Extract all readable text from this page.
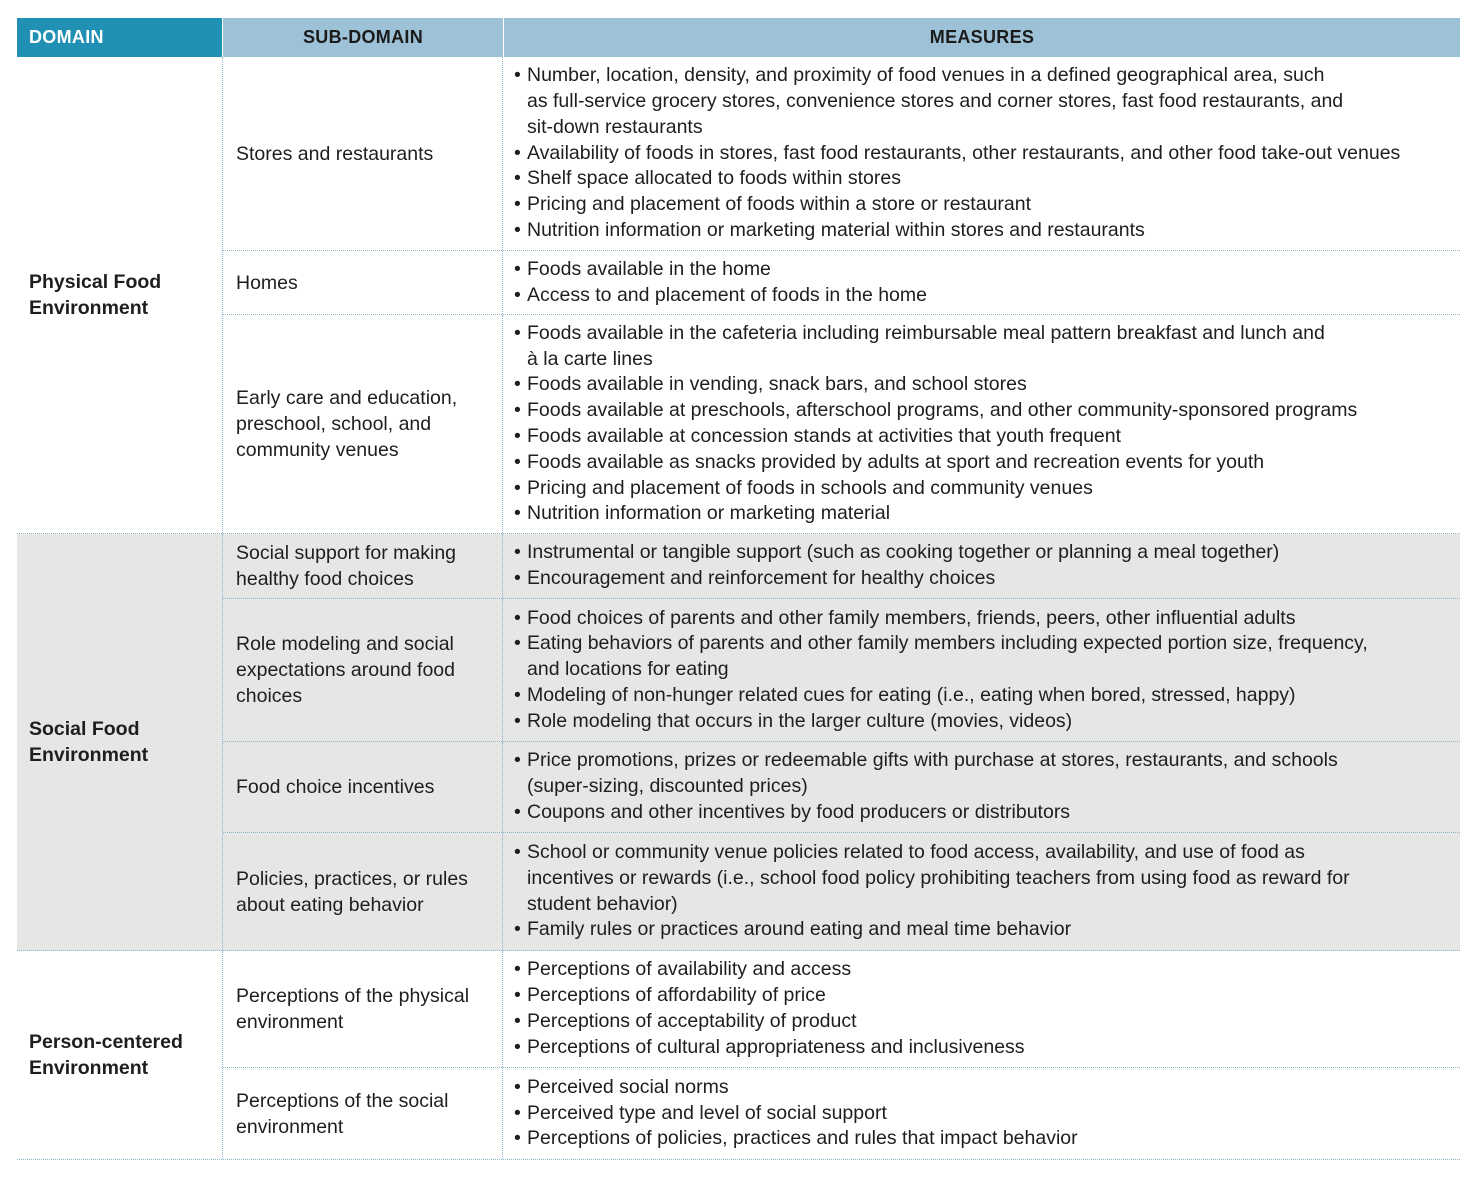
DOMAIN	SUB-DOMAIN	MEASURES
Physical Food
Environment
Stores and restaurants
• Number, location, density, and proximity of food venues in a defined geographical area, such
as full-service grocery stores, convenience stores and corner stores, fast food restaurants, and
sit-down restaurants
• Availability of foods in stores, fast food restaurants, other restaurants, and other food take-out venues
• Shelf space allocated to foods within stores
• Pricing and placement of foods within a store or restaurant
• Nutrition information or marketing material within stores and restaurants
Homes
• Foods available in the home
• Access to and placement of foods in the home
Early care and education,
preschool, school, and
community venues
• Foods available in the cafeteria including reimbursable meal pattern breakfast and lunch and
à la carte lines
• Foods available in vending, snack bars, and school stores
• Foods available at preschools, afterschool programs, and other community-sponsored programs
• Foods available at concession stands at activities that youth frequent
• Foods available as snacks provided by adults at sport and recreation events for youth
• Pricing and placement of foods in schools and community venues
• Nutrition information or marketing material
Social Food
Environment
Social support for making
healthy food choices
• Instrumental or tangible support (such as cooking together or planning a meal together)
• Encouragement and reinforcement for healthy choices
Role modeling and social
expectations around food
choices
• Food choices of parents and other family members, friends, peers, other influential adults
• Eating behaviors of parents and other family members including expected portion size, frequency,
and locations for eating
• Modeling of non-hunger related cues for eating (i.e., eating when bored, stressed, happy)
• Role modeling that occurs in the larger culture (movies, videos)
Food choice incentives
• Price promotions, prizes or redeemable gifts with purchase at stores, restaurants, and schools
(super-sizing, discounted prices)
• Coupons and other incentives by food producers or distributors
Policies, practices, or rules
about eating behavior
• School or community venue policies related to food access, availability, and use of food as
incentives or rewards (i.e., school food policy prohibiting teachers from using food as reward for
student behavior)
• Family rules or practices around eating and meal time behavior
Person-centered
Environment
Perceptions of the physical
environment
• Perceptions of availability and access
• Perceptions of affordability of price
• Perceptions of acceptability of product
• Perceptions of cultural appropriateness and inclusiveness
Perceptions of the social
environment
• Perceived social norms
• Perceived type and level of social support
• Perceptions of policies, practices and rules that impact behavior
